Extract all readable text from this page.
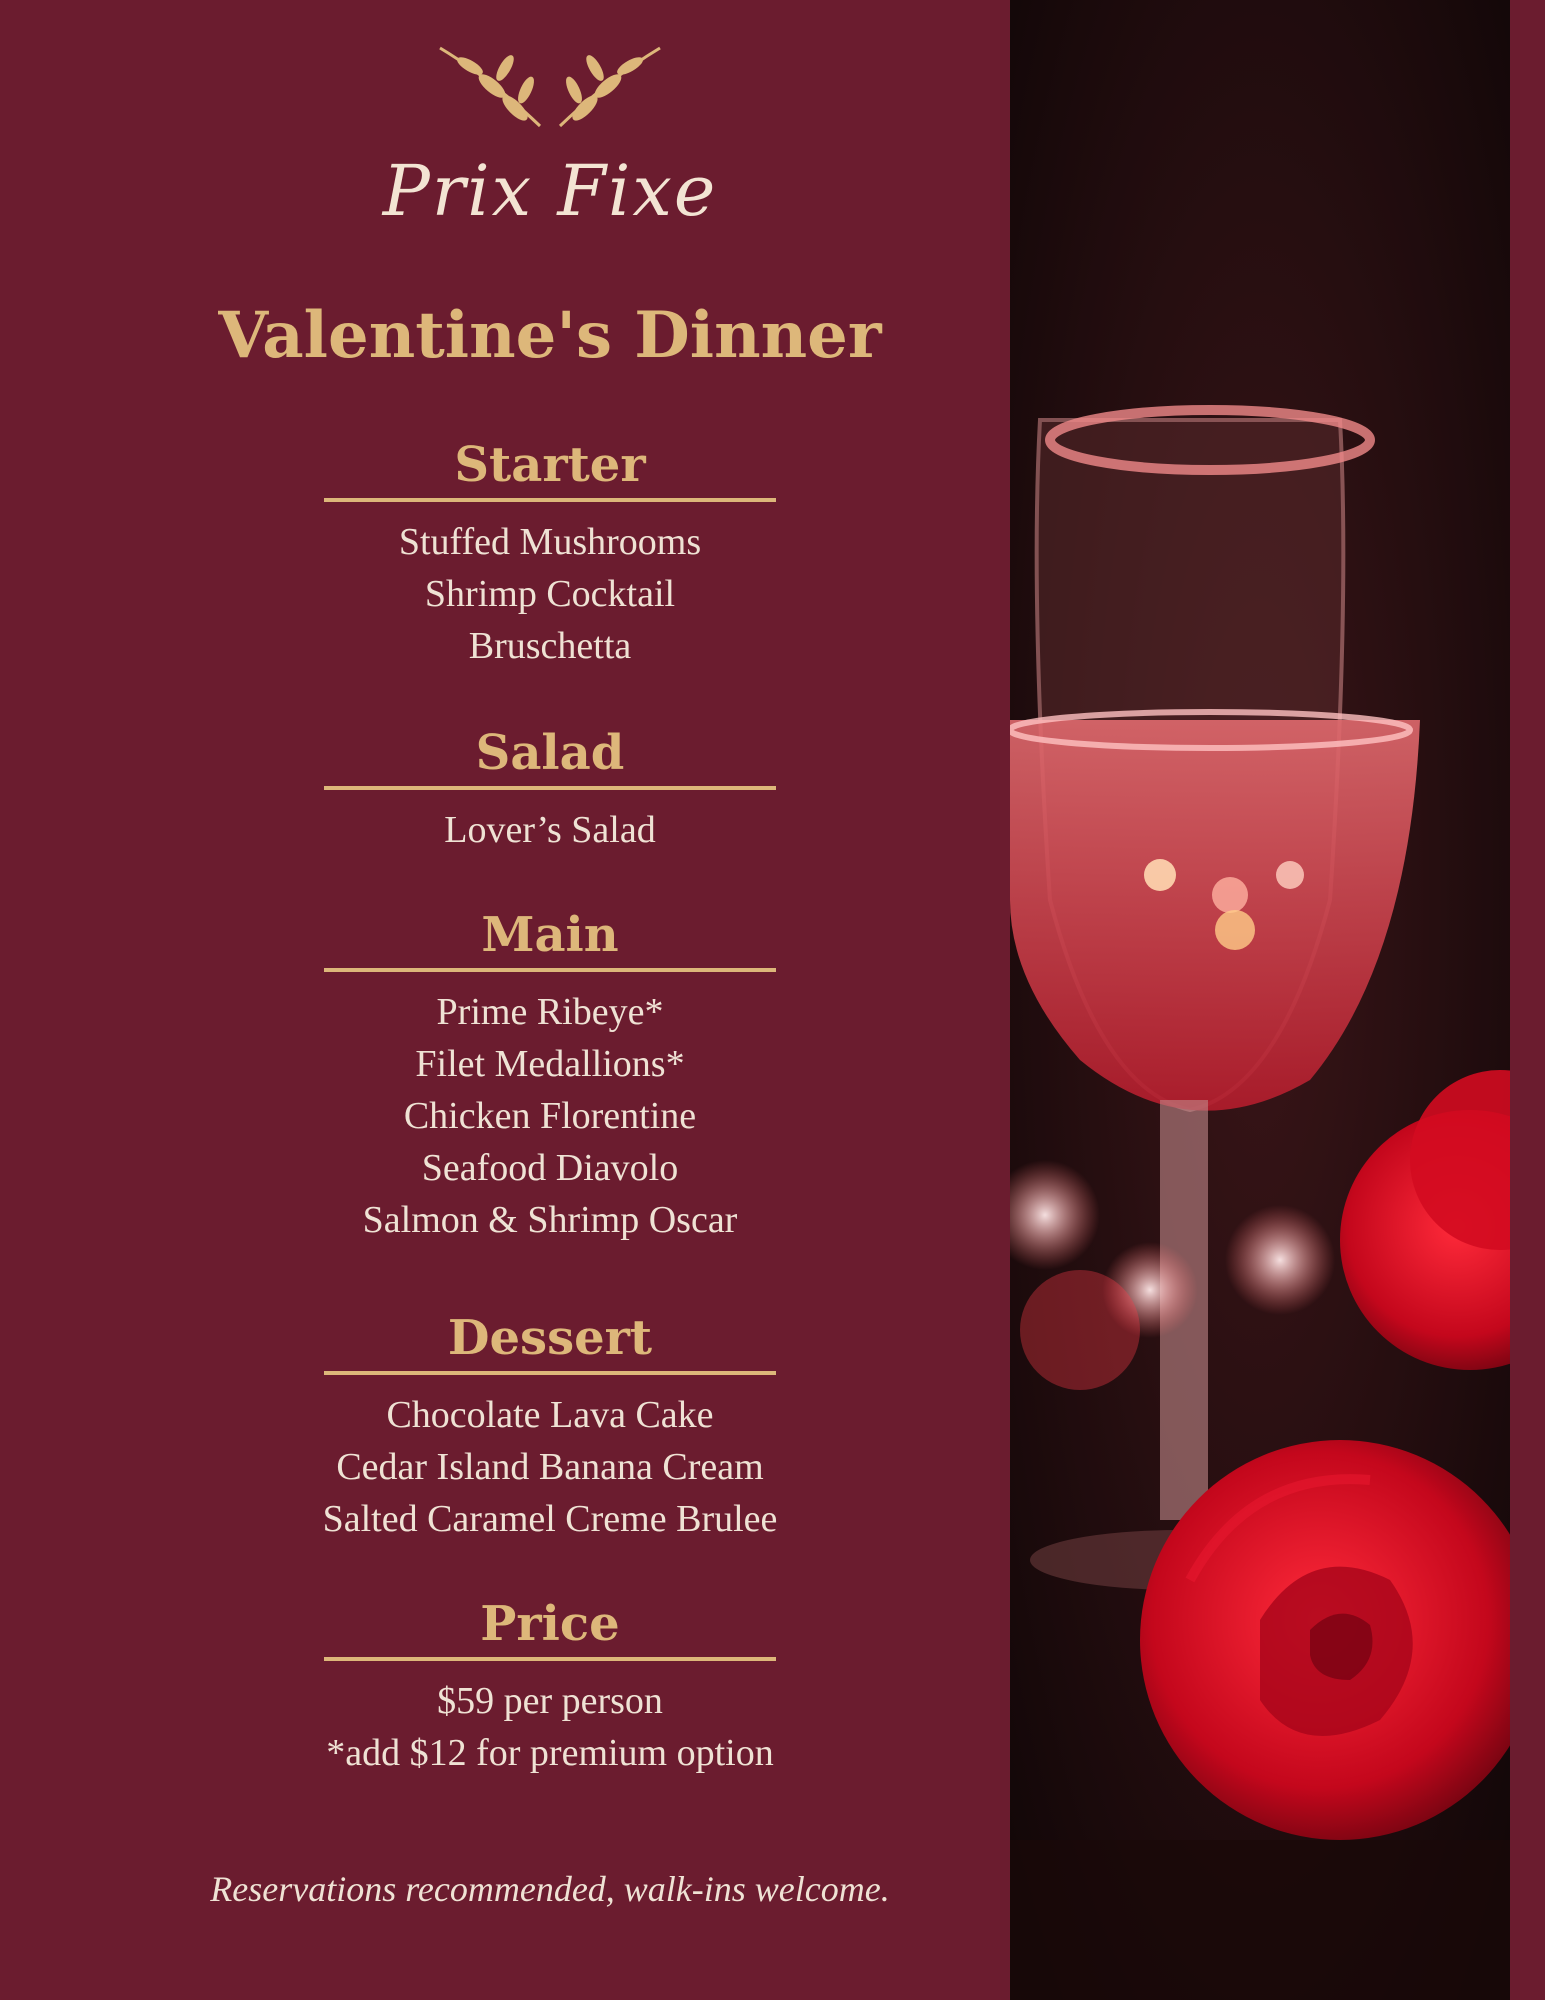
Prix Fixe
Valentine's Dinner
Starter
Stuffed Mushrooms
Shrimp Cocktail
Bruschetta
Salad
Lover’s Salad
Main
Prime Ribeye*
Filet Medallions*
Chicken Florentine
Seafood Diavolo
Salmon & Shrimp Oscar
Dessert
Chocolate Lava Cake
Cedar Island Banana Cream
Salted Caramel Creme Brulee
Price
$59 per person
*add $12 for premium option
Reservations recommended, walk-ins welcome.
